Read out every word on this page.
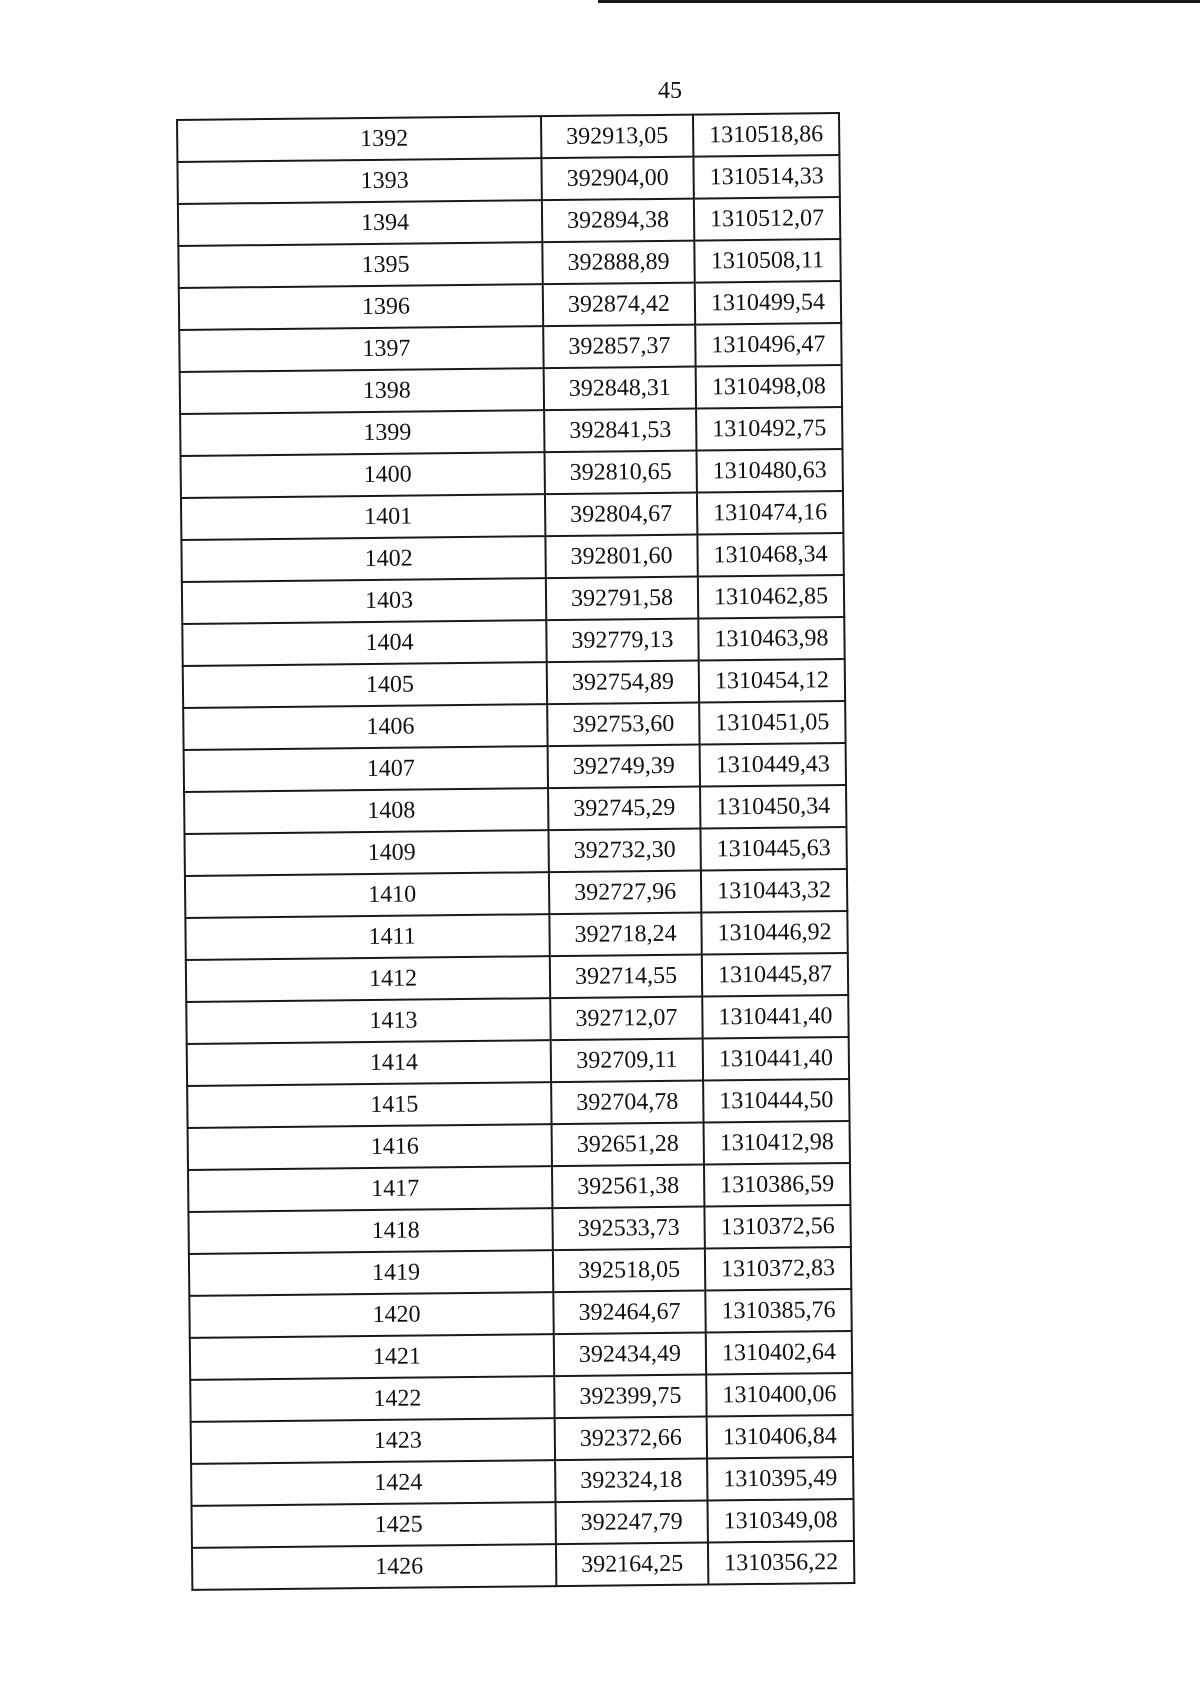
45
1392	392913,05	1310518,86
1393	392904,00	1310514,33
1394	392894,38	1310512,07
1395	392888,89	1310508,11
1396	392874,42	1310499,54
1397	392857,37	1310496,47
1398	392848,31	1310498,08
1399	392841,53	1310492,75
1400	392810,65	1310480,63
1401	392804,67	1310474,16
1402	392801,60	1310468,34
1403	392791,58	1310462,85
1404	392779,13	1310463,98
1405	392754,89	1310454,12
1406	392753,60	1310451,05
1407	392749,39	1310449,43
1408	392745,29	1310450,34
1409	392732,30	1310445,63
1410	392727,96	1310443,32
1411	392718,24	1310446,92
1412	392714,55	1310445,87
1413	392712,07	1310441,40
1414	392709,11	1310441,40
1415	392704,78	1310444,50
1416	392651,28	1310412,98
1417	392561,38	1310386,59
1418	392533,73	1310372,56
1419	392518,05	1310372,83
1420	392464,67	1310385,76
1421	392434,49	1310402,64
1422	392399,75	1310400,06
1423	392372,66	1310406,84
1424	392324,18	1310395,49
1425	392247,79	1310349,08
1426	392164,25	1310356,22
